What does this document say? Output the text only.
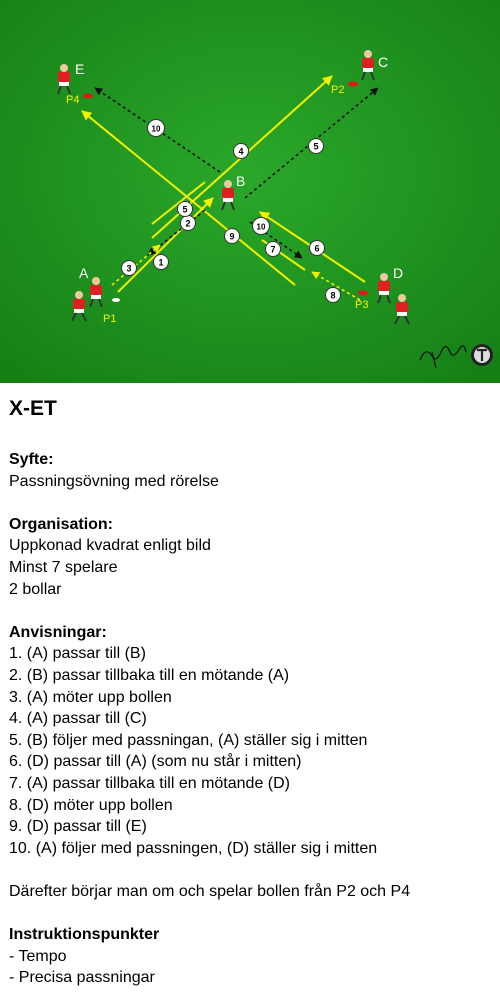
1
2
3
4
5
5
6
7
8
9
10
10
E	C
B
A	D
P4
P2
P3
P1

X-ET

Syfte:

Passningsövning med rörelse

Organisation:

Uppkonad kvadrat enligt bild

Minst 7 spelare

2 bollar

Anvisningar:

1. (A) passar till (B)

2. (B) passar tillbaka till en mötande (A)

3. (A) möter upp bollen

4. (A) passar till (C)

5. (B) följer med passningan, (A) ställer sig i mitten

6. (D) passar till (A) (som nu står i mitten)

7. (A) passar tillbaka till en mötande (D)

8. (D) möter upp bollen

9. (D) passar till (E)

10. (A) följer med passningen, (D) ställer sig i mitten

Därefter börjar man om och spelar bollen från P2 och P4

Instruktionspunkter

- Tempo

- Precisa passningar
